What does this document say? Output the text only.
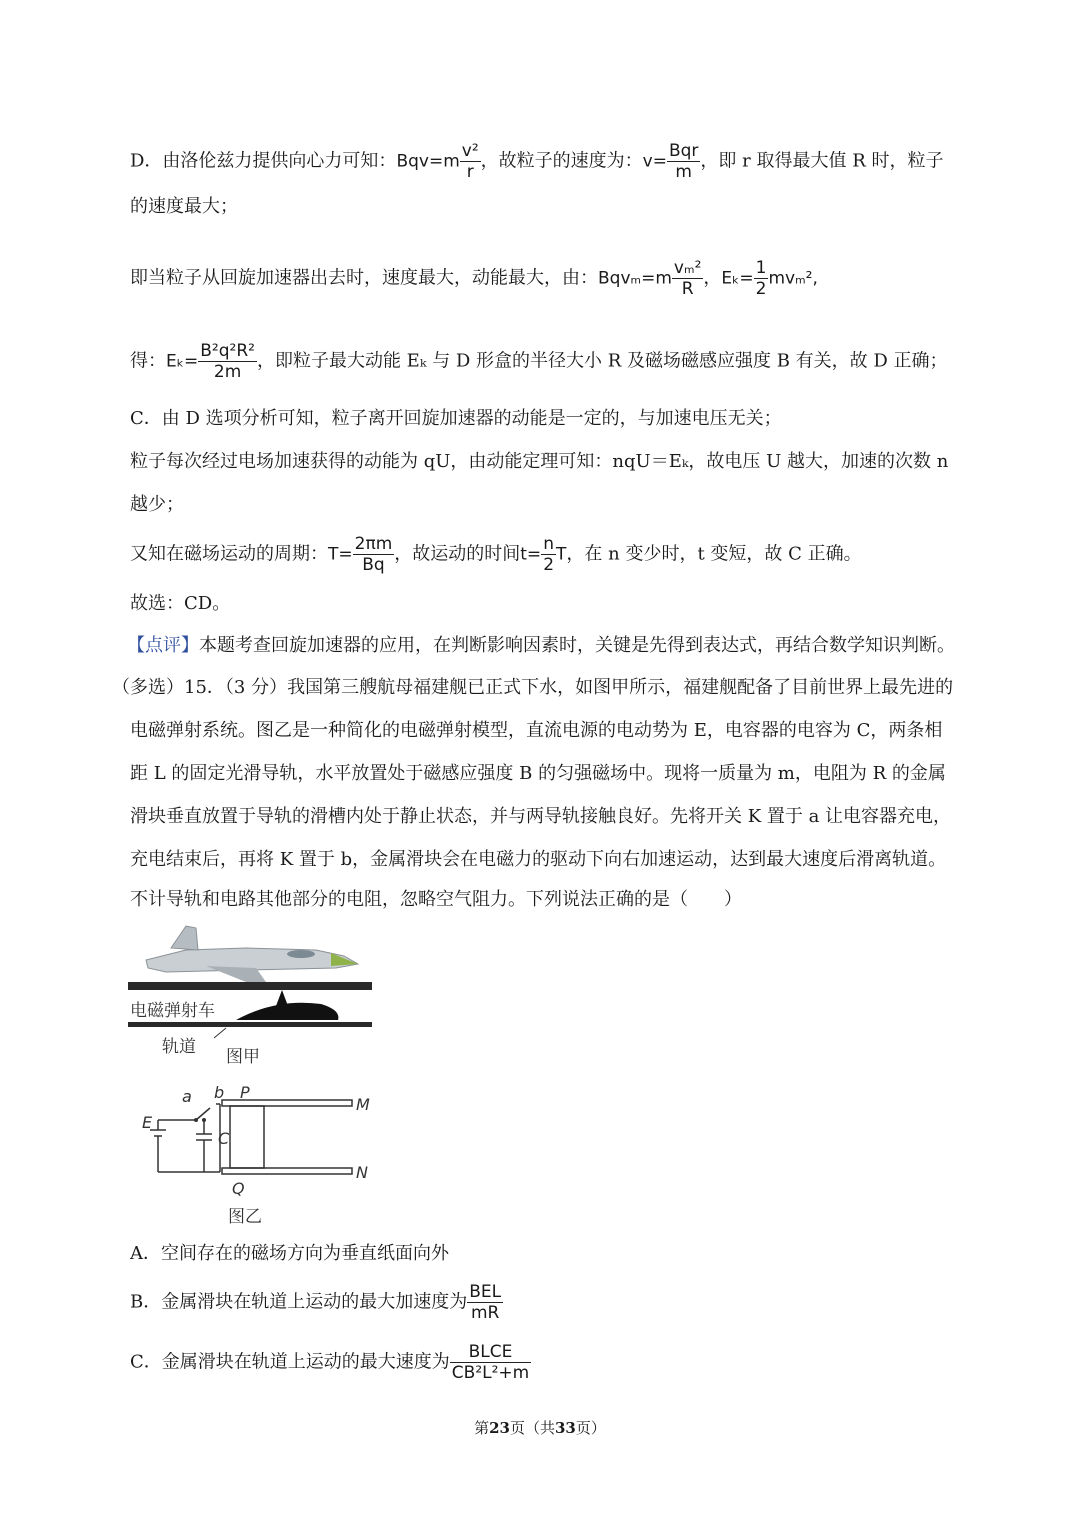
D．由洛伦兹力提供向心力可知：$Bqv=m \frac{\text{v²}}{r}$ ，故粒子的速度为：$v= \frac{\text{Bqr}}{m}$ ，即 r 取得最大值 R 时，粒子
的速度最大；
即当粒子从回旋加速器出去时，速度最大，动能最大，由：$Bqv_m=m \frac{\text{vₘ²}}{R}$ ，$E_k= \frac{1}{2} mv_m^2$,
得：$E_k= \frac{\text{B²q²R²}}{2m}$ ，即粒子最大动能 Eₖ 与 D 形盒的半径大小 R 及磁场磁感应强度 B 有关，故 D 正确；
C．由 D 选项分析可知，粒子离开回旋加速器的动能是一定的，与加速电压无关；
粒子每次经过电场加速获得的动能为 qU，由动能定理可知：nqU＝Eₖ，故电压 U 越大，加速的次数 n
越少；
又知在磁场运动的周期：$T= \frac{2\pi m}{Bq}$ ，故运动的时间$t= \frac{n}{2}$ T，在 n 变少时，t 变短，故 C 正确。
故选：CD。
【点评】本题考查回旋加速器的应用，在判断影响因素时，关键是先得到表达式，再结合数学知识判断。
（多选）15．（3 分）我国第三艘航母福建舰已正式下水，如图甲所示，福建舰配备了目前世界上最先进的
电磁弹射系统。图乙是一种简化的电磁弹射模型，直流电源的电动势为 E，电容器的电容为 C，两条相
距 L 的固定光滑导轨，水平放置处于磁感应强度 B 的匀强磁场中。现将一质量为 m，电阻为 R 的金属
滑块垂直放置于导轨的滑槽内处于静止状态，并与两导轨接触良好。先将开关 K 置于 a 让电容器充电，
充电结束后，再将 K 置于 b，金属滑块会在电磁力的驱动下向右加速运动，达到最大速度后滑离轨道。
不计导轨和电路其他部分的电阻，忽略空气阻力。下列说法正确的是（　　）
电磁弹射车
轨道 图甲
a b P
M
E
C
Q
N
图乙
A．空间存在的磁场方向为垂直纸面向外
B．金属滑块在轨道上运动的最大加速度为 $\frac{\text{BEL}}{mR}$
C．金属滑块在轨道上运动的最大速度为 $\frac{\text{BLCE}}{\text{CB²L²+m}}$
第23页（共33页）
